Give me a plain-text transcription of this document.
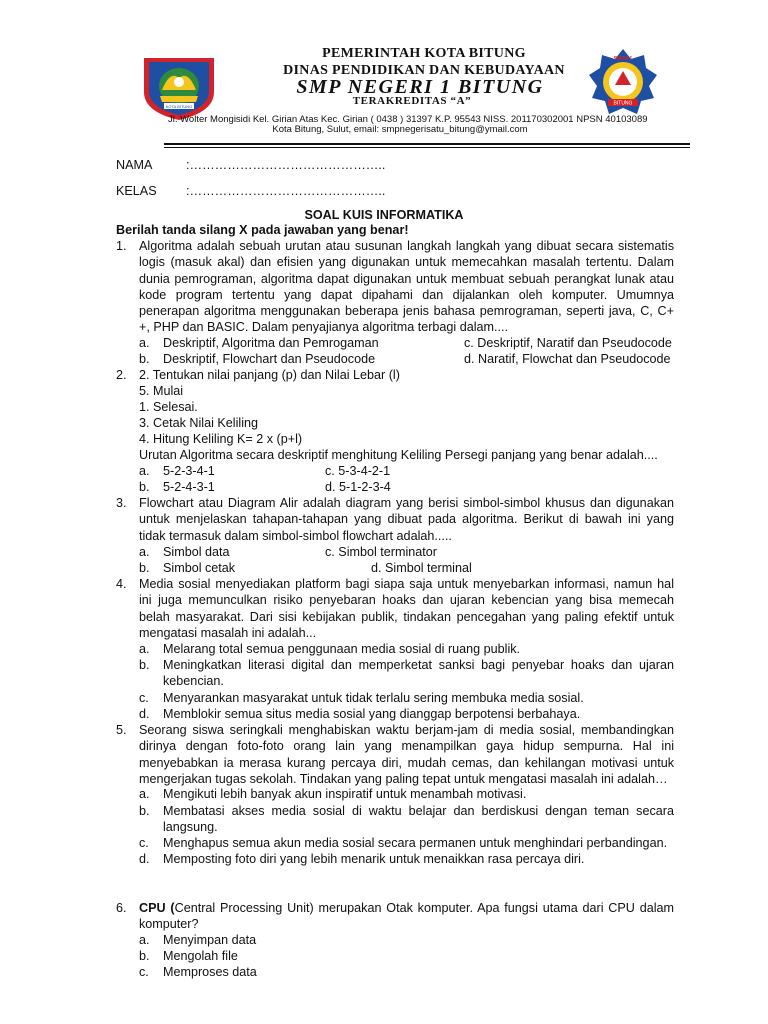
KOTA BITUNG
PEMERINTAH KOTA BITUNG
DINAS PENDIDIKAN DAN KEBUDAYAAN
SMP NEGERI 1 BITUNG
TERAKREDITAS “A”
Jl. Wolter Mongisidi Kel. Girian Atas Kec. Girian ( 0438 ) 31397 K.P. 95543 NISS. 201170302001 NPSN 40103089
Kota Bitung, Sulut, email: smpnegerisatu_bitung@ymail.com
BITUNG
SMPN 1
NAMA	:………………………………………..
KELAS :………………………………………..
SOAL KUIS INFORMATIKA
Berilah tanda silang X pada jawaban yang benar!
1. Algoritma adalah sebuah urutan atau susunan langkah langkah yang dibuat secara sistematis logis (masuk akal) dan efisien yang digunakan untuk memecahkan masalah tertentu. Dalam dunia pemrograman, algoritma dapat digunakan untuk membuat sebuah perangkat lunak atau kode program tertentu yang dapat dipahami dan dijalankan oleh komputer. Umumnya penerapan algoritma menggunakan beberapa jenis bahasa pemrograman, seperti java, C, C+ +, PHP dan BASIC. Dalam penyajianya algoritma terbagi dalam....
a. Deskriptif, Algoritma dan Pemrogaman	c. Deskriptif, Naratif dan Pseudocode
b. Deskriptif, Flowchart dan Pseudocode	d. Naratif, Flowchat dan Pseudocode
2. 2. Tentukan nilai panjang (p) dan Nilai Lebar (l)
5. Mulai
1. Selesai.
3. Cetak Nilai Keliling
4. Hitung Keliling K= 2 x (p+l)
Urutan Algoritma secara deskriptif menghitung Keliling Persegi panjang yang benar adalah....
a. 5-2-3-4-1	c. 5-3-4-2-1
b. 5-2-4-3-1	d. 5-1-2-3-4
3. Flowchart atau Diagram Alir adalah diagram yang berisi simbol-simbol khusus dan digunakan untuk menjelaskan tahapan-tahapan yang dibuat pada algoritma. Berikut di bawah ini yang tidak termasuk dalam simbol-simbol flowchart adalah.....
a. Simbol data	c. Simbol terminator
b. Simbol cetak	d. Simbol terminal
4. Media sosial menyediakan platform bagi siapa saja untuk menyebarkan informasi, namun hal ini juga memunculkan risiko penyebaran hoaks dan ujaran kebencian yang bisa memecah belah masyarakat. Dari sisi kebijakan publik, tindakan pencegahan yang paling efektif untuk mengatasi masalah ini adalah...
a. Melarang total semua penggunaan media sosial di ruang publik.
b. Meningkatkan literasi digital dan memperketat sanksi bagi penyebar hoaks dan ujaran kebencian.
c. Menyarankan masyarakat untuk tidak terlalu sering membuka media sosial.
d. Memblokir semua situs media sosial yang dianggap berpotensi berbahaya.
5. Seorang siswa seringkali menghabiskan waktu berjam-jam di media sosial, membandingkan dirinya dengan foto-foto orang lain yang menampilkan gaya hidup sempurna. Hal ini menyebabkan ia merasa kurang percaya diri, mudah cemas, dan kehilangan motivasi untuk mengerjakan tugas sekolah. Tindakan yang paling tepat untuk mengatasi masalah ini adalah…
a. Mengikuti lebih banyak akun inspiratif untuk menambah motivasi.
b. Membatasi akses media sosial di waktu belajar dan berdiskusi dengan teman secara langsung.
c. Menghapus semua akun media sosial secara permanen untuk menghindari perbandingan.
d. Memposting foto diri yang lebih menarik untuk menaikkan rasa percaya diri.
6. CPU (Central Processing Unit) merupakan Otak komputer. Apa fungsi utama dari CPU dalam komputer?
a. Menyimpan data
b. Mengolah file
c. Memproses data
